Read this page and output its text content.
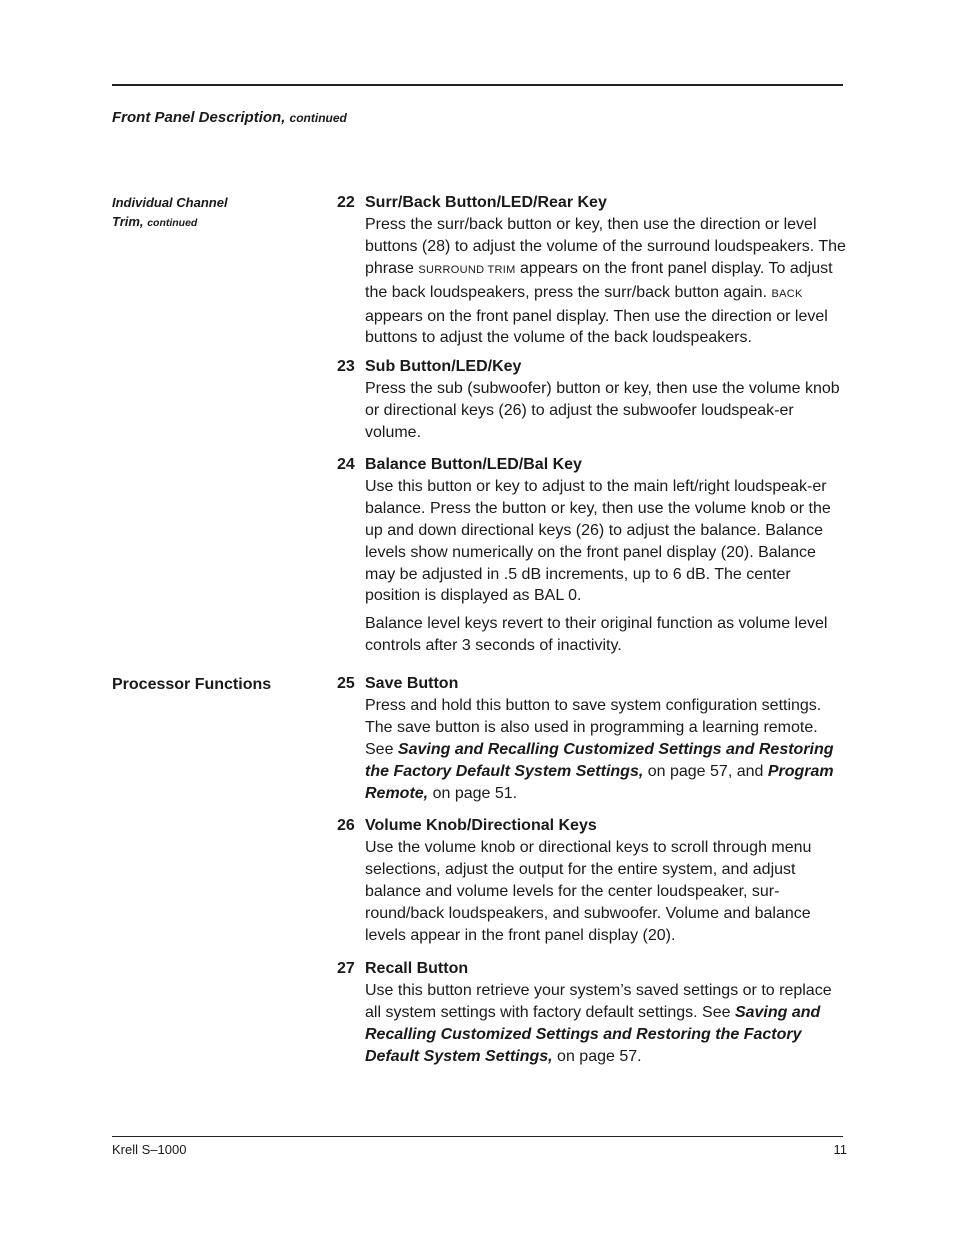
Front Panel Description, continued
Individual Channel
Trim, continued
Processor Functions
22 Surr/Back Button/LED/Rear Key

Press the surr/back button or key, then use the direction or level buttons (28) to adjust the volume of the surround loudspeakers. The phrase SURROUND TRIM appears on the front panel display. To adjust the back loudspeakers, press the surr/back button again. BACK appears on the front panel display. Then use the direction or level buttons to adjust the volume of the back loudspeakers.

23 Sub Button/LED/Key

Press the sub (subwoofer) button or key, then use the volume knob or directional keys (26) to adjust the subwoofer loudspeak-er volume.

24 Balance Button/LED/Bal Key

Use this button or key to adjust to the main left/right loudspeak-er balance. Press the button or key, then use the volume knob or the up and down directional keys (26) to adjust the balance. Balance levels show numerically on the front panel display (20). Balance may be adjusted in .5 dB increments, up to 6 dB. The center position is displayed as BAL 0.

Balance level keys revert to their original function as volume level controls after 3 seconds of inactivity.

25 Save Button

Press and hold this button to save system configuration settings. The save button is also used in programming a learning remote. See Saving and Recalling Customized Settings and Restoring the Factory Default System Settings, on page 57, and Program Remote, on page 51.

26 Volume Knob/Directional Keys

Use the volume knob or directional keys to scroll through menu selections, adjust the output for the entire system, and adjust balance and volume levels for the center loudspeaker, sur-round/back loudspeakers, and subwoofer. Volume and balance levels appear in the front panel display (20).

27 Recall Button

Use this button retrieve your system’s saved settings or to replace all system settings with factory default settings. See Saving and Recalling Customized Settings and Restoring the Factory Default System Settings, on page 57.

Krell S–1000	11
